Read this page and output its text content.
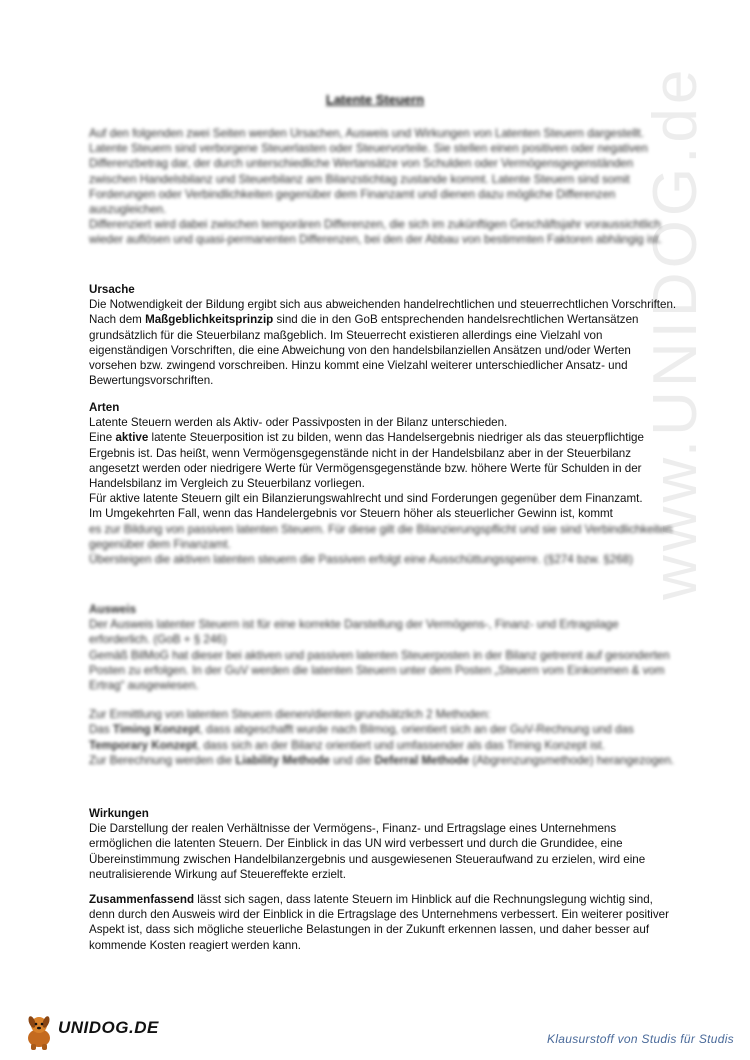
www.UNIDOG.de
Latente Steuern

Auf den folgenden zwei Seiten werden Ursachen, Ausweis und Wirkungen von Latenten Steuern dargestellt.

Latente Steuern sind verborgene Steuerlasten oder Steuervorteile. Sie stellen einen positiven oder negativen Differenzbetrag dar, der durch unterschiedliche Wertansätze von Schulden oder Vermögensgegenständen zwischen Handelsbilanz und Steuerbilanz am Bilanzstichtag zustande kommt. Latente Steuern sind somit Forderungen oder Verbindlichkeiten gegenüber dem Finanzamt und dienen dazu mögliche Differenzen auszugleichen.

Differenziert wird dabei zwischen temporären Differenzen, die sich im zukünftigen Geschäftsjahr voraussichtlich wieder auflösen und quasi-permanenten Differenzen, bei den der Abbau von bestimmten Faktoren abhängig ist.

Ursache

Die Notwendigkeit der Bildung ergibt sich aus abweichenden handelrechtlichen und steuerrechtlichen Vorschriften. Nach dem Maßgeblichkeitsprinzip sind die in den GoB entsprechenden handelsrechtlichen Wertansätzen grundsätzlich für die Steuerbilanz maßgeblich. Im Steuerrecht existieren allerdings eine Vielzahl von eigenständigen Vorschriften, die eine Abweichung von den handelsbilanziellen Ansätzen und/oder Werten vorsehen bzw. zwingend vorschreiben. Hinzu kommt eine Vielzahl weiterer unterschiedlicher Ansatz- und Bewertungsvorschriften.

Arten

Latente Steuern werden als Aktiv- oder Passivposten in der Bilanz unterschieden.

Eine aktive latente Steuerposition ist zu bilden, wenn das Handelsergebnis niedriger als das steuerpflichtige Ergebnis ist. Das heißt, wenn Vermögensgegenstände nicht in der Handelsbilanz aber in der Steuerbilanz angesetzt werden oder niedrigere Werte für Vermögensgegenstände bzw. höhere Werte für Schulden in der Handelsbilanz im Vergleich zu Steuerbilanz vorliegen.

Für aktive latente Steuern gilt ein Bilanzierungswahlrecht und sind Forderungen gegenüber dem Finanzamt.

Im Umgekehrten Fall, wenn das Handelergebnis vor Steuern höher als steuerlicher Gewinn ist, kommt

es zur Bildung von passiven latenten Steuern. Für diese gilt die Bilanzierungspflicht und sie sind Verbindlichkeiten gegenüber dem Finanzamt.

Übersteigen die aktiven latenten steuern die Passiven erfolgt eine Ausschüttungssperre. (§274 bzw. §268)

Ausweis

Der Ausweis latenter Steuern ist für eine korrekte Darstellung der Vermögens-, Finanz- und Ertragslage erforderlich. (GoB + § 246)

Gemäß BilMoG hat dieser bei aktiven und passiven latenten Steuerposten in der Bilanz getrennt auf gesonderten Posten zu erfolgen. In der GuV werden die latenten Steuern unter dem Posten „Steuern vom Einkommen & vom Ertrag“ ausgewiesen.

Zur Ermittlung von latenten Steuern dienen/dienten grundsätzlich 2 Methoden:

Das Timing Konzept, dass abgeschafft wurde nach Bilmog, orientiert sich an der GuV-Rechnung und das Temporary Konzept, dass sich an der Bilanz orientiert und umfassender als das Timing Konzept ist.

Zur Berechnung werden die Liability Methode und die Deferral Methode (Abgrenzungsmethode) herangezogen.

Wirkungen

Die Darstellung der realen Verhältnisse der Vermögens-, Finanz- und Ertragslage eines Unternehmens ermöglichen die latenten Steuern. Der Einblick in das UN wird verbessert und durch die Grundidee, eine Übereinstimmung zwischen Handelbilanzergebnis und ausgewiesenen Steueraufwand zu erzielen, wird eine neutralisierende Wirkung auf Steuereffekte erzielt.

Zusammenfassend lässt sich sagen, dass latente Steuern im Hinblick auf die Rechnungslegung wichtig sind, denn durch den Ausweis wird der Einblick in die Ertragslage des Unternehmens verbessert. Ein weiterer positiver Aspekt ist, dass sich mögliche steuerliche Belastungen in der Zukunft erkennen lassen, und daher besser auf kommende Kosten reagiert werden kann.

UNIDOG.DE
Klausurstoff von Studis für Studis
